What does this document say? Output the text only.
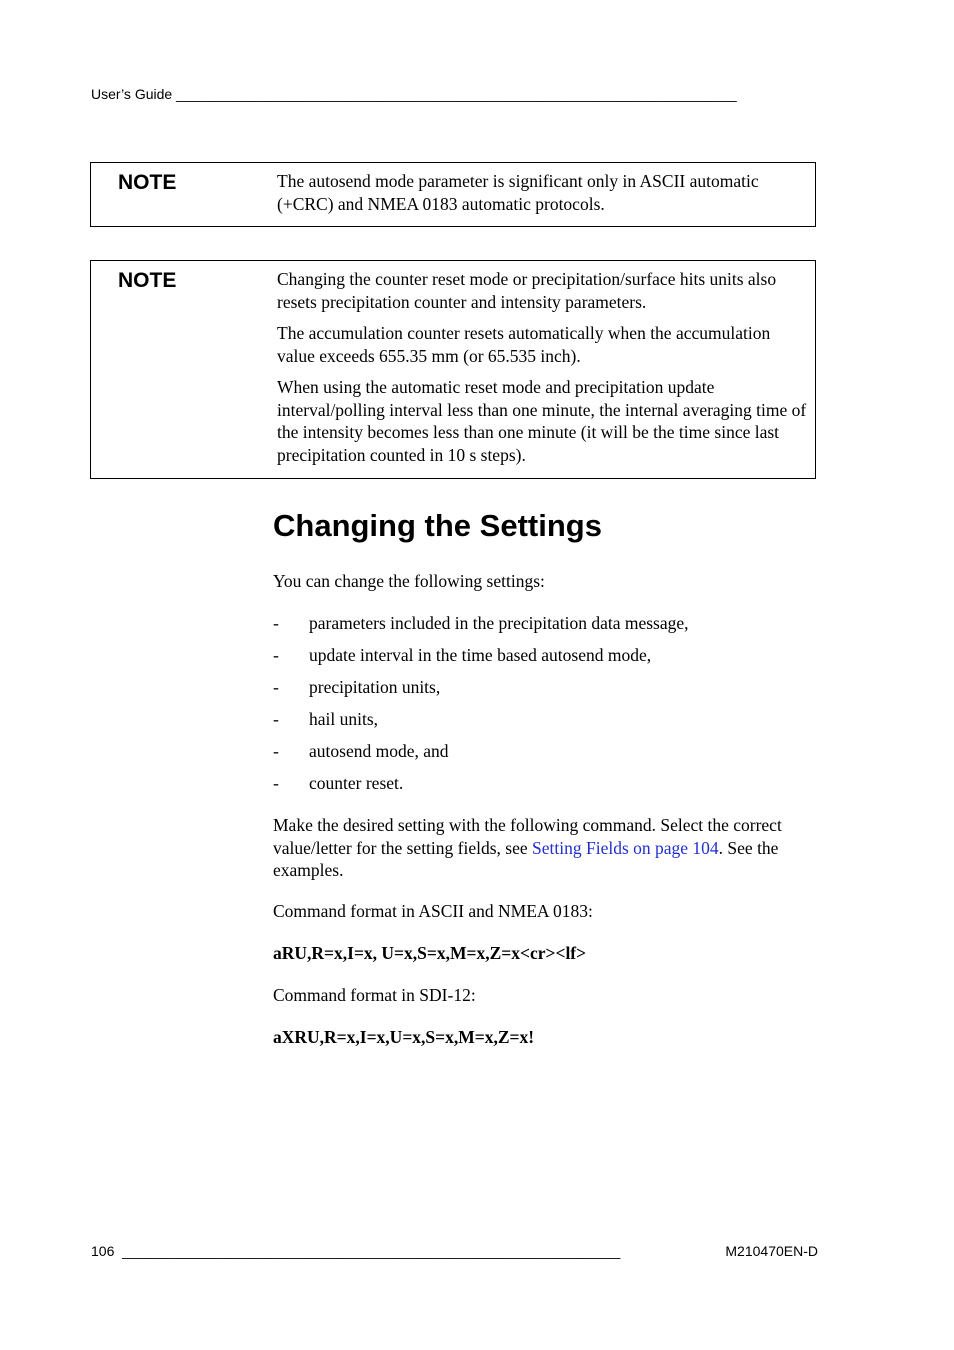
User’s Guide ________________________________________________________________________
NOTE	The autosend mode parameter is significant only in ASCII automatic (+CRC) and NMEA 0183 automatic protocols.

NOTE	Changing the counter reset mode or precipitation/surface hits units also resets precipitation counter and intensity parameters.

The accumulation counter resets automatically when the accumulation value exceeds 655.35 mm (or 65.535 inch).

When using the automatic reset mode and precipitation update interval/polling interval less than one minute, the internal averaging time of the intensity becomes less than one minute (it will be the time since last precipitation counted in 10 s steps).

Changing the Settings

You can change the following settings:

- parameters included in the precipitation data message,
- update interval in the time based autosend mode,
- precipitation units,
- hail units,
- autosend mode, and
- counter reset.

Make the desired setting with the following command. Select the correct value/letter for the setting fields, see Setting Fields on page 104. See the examples.

Command format in ASCII and NMEA 0183:

aRU,R=x,I=x, U=x,S=x,M=x,Z=x<cr><lf>

Command format in SDI-12:

aXRU,R=x,I=x,U=x,S=x,M=x,Z=x!
106 ________________________________________________________________	M210470EN-D
